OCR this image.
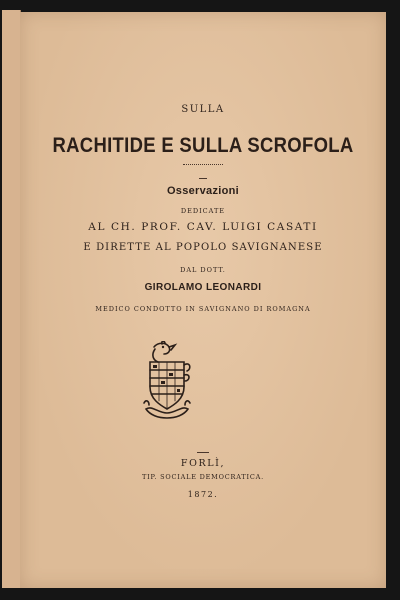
SULLA
RACHITIDE E SULLA SCROFOLA
Osservazioni
DEDICATE
AL CH. PROF. CAV. LUIGI CASATI
E DIRETTE AL POPOLO SAVIGNANESE
DAL DOTT.
GIROLAMO LEONARDI
MEDICO CONDOTTO IN SAVIGNANO DI ROMAGNA
FORLÌ,
TIP. SOCIALE DEMOCRATICA.
1872.
